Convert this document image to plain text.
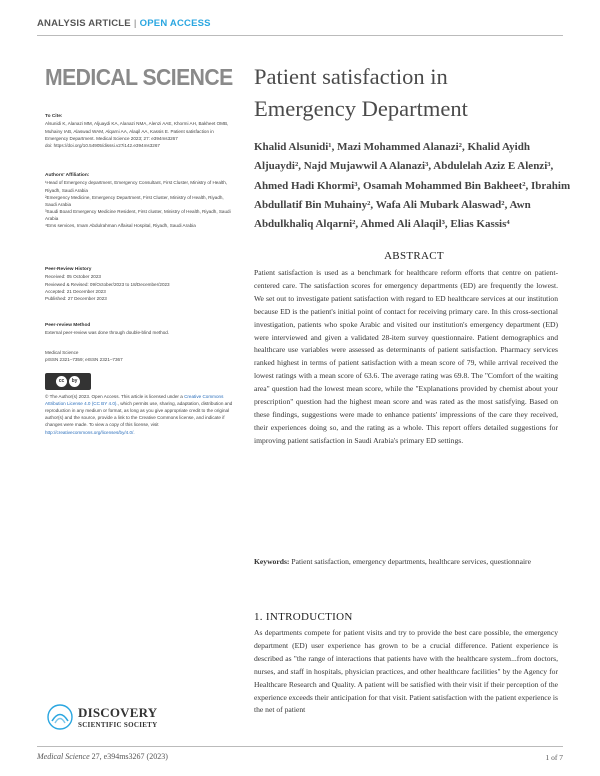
ANALYSIS ARTICLE | OPEN ACCESS
MEDICAL SCIENCE

To Cite:

Alsunidi K, Alanazi MM, Aljuaydi KA, Alanazi NMA, Alenzi AAE, Khormi AH, Bakheet OMB, Muhainy IAB, Alaswad WAM, Alqarni AA, Alaqil AA, Kassis E. Patient satisfaction in Emergency Department. Medical Science 2023; 27: e394ms3267

doi: https://doi.org/10.54905/disssi.v27i142.e394ms3267

Authors' Affiliation:

¹Head of Emergency department, Emergency Consultant, First Cluster, Ministry of Health, Riyadh, Saudi Arabia

²Emergency Medicine, Emergency Department, First Cluster, Ministry of Health, Riyadh, Saudi Arabia

³Saudi Board Emergency Medicine Resident, First cluster, Ministry of Health, Riyadh, Saudi Arabia

⁴Ems services, Imam Abdulrahman Alfaisal Hospital, Riyadh, Saudi Arabia

Peer-Review History

Received: 05 October 2023

Reviewed & Revised: 09/October/2023 to 18/December/2023

Accepted: 21 December 2023

Published: 27 December 2023

Peer-review Method

External peer-review was done through double-blind method.

Medical Science

pISSN 2321–7359; eISSN 2321–7367

cc	by

© The Author(s) 2023. Open Access. This article is licensed under a Creative Commons Attribution License 4.0 (CC BY 4.0)., which permits use, sharing, adaptation, distribution and reproduction in any medium or format, as long as you give appropriate credit to the original author(s) and the source, provide a link to the Creative Commons license, and indicate if changes were made. To view a copy of this license, visit http://creativecommons.org/licenses/by/4.0/.

Patient satisfaction in
Emergency Department
Khalid Alsunidi¹, Mazi Mohammed Alanazi², Khalid Ayidh Aljuaydi², Najd Mujawwil A Alanazi³, Abdulelah Aziz E Alenzi³, Ahmed Hadi Khormi³, Osamah Mohammed Bin Bakheet², Ibrahim Abdullatif Bin Muhainy², Wafa Ali Mubark Alaswad², Awn Abdulkhaliq Alqarni², Ahmed Ali Alaqil³, Elias Kassis⁴
ABSTRACT
Patient satisfaction is used as a benchmark for healthcare reform efforts that centre on patient-centered care. The satisfaction scores for emergency departments (ED) are frequently the lowest. We set out to investigate patient satisfaction with regard to ED healthcare services at our institution because ED is the patient's initial point of contact for receiving primary care. In this cross-sectional investigation, patients who spoke Arabic and visited our institution's emergency department (ED) were interviewed and given a validated 28-item survey questionnaire. Patient demographics and healthcare use variables were assessed as determinants of patient satisfaction. Pharmacy services ranked highest in terms of patient satisfaction with a mean score of 79, while arrival received the lowest ratings with a mean score of 63.6. The average rating was 69.8. The "Comfort of the waiting area" question had the lowest mean score, while the "Explanations provided by chemist about your prescription" question had the highest mean score and was rated as the most satisfying. Based on these findings, suggestions were made to enhance patients' impressions of the care they received, their experiences doing so, and the rating as a whole. This report offers detailed suggestions for improving patient satisfaction in Saudi Arabia's primary ED settings.
Keywords: Patient satisfaction, emergency departments, healthcare services, questionnaire
1. INTRODUCTION
As departments compete for patient visits and try to provide the best care possible, the emergency department (ED) user experience has grown to be a crucial difference. Patient experience is described as "the range of interactions that patients have with the healthcare system...from doctors, nurses, and staff in hospitals, physician practices, and other healthcare facilities" by the Agency for Healthcare Research and Quality. A patient will be satisfied with their visit if their perception of the experience exceeds their anticipation for that visit. Patient satisfaction with the patient experience is the net of patient
DISCOVERY
SCIENTIFIC SOCIETY
Medical Science 27, e394ms3267 (2023)	1 of 7
